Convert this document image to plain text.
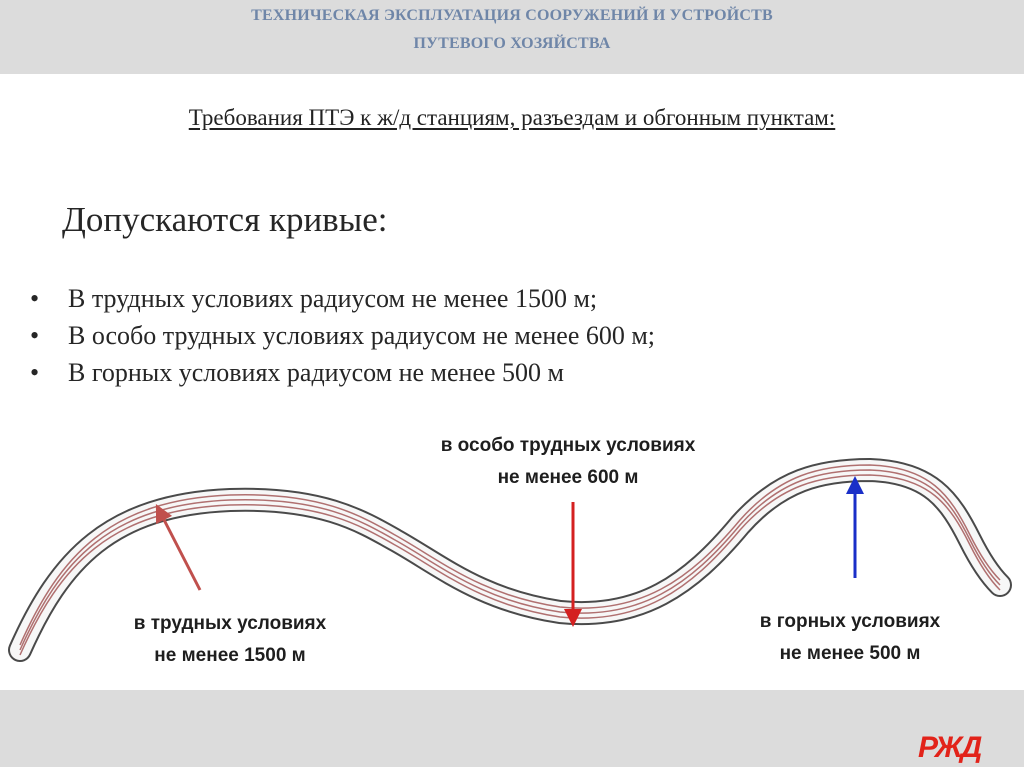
ТЕХНИЧЕСКАЯ ЭКСПЛУАТАЦИЯ СООРУЖЕНИЙ И УСТРОЙСТВ
ПУТЕВОГО ХОЗЯЙСТВА
Требования ПТЭ к ж/д станциям, разъездам и обгонным пунктам:
Допускаются кривые:
• В трудных условиях радиусом не менее 1500 м;
• В особо трудных условиях радиусом не менее 600 м;
• В горных условиях радиусом не менее 500 м
в особо трудных условиях
не менее 600 м
в трудных условиях
не менее 1500 м
в горных условиях
не менее 500 м
РЖД
